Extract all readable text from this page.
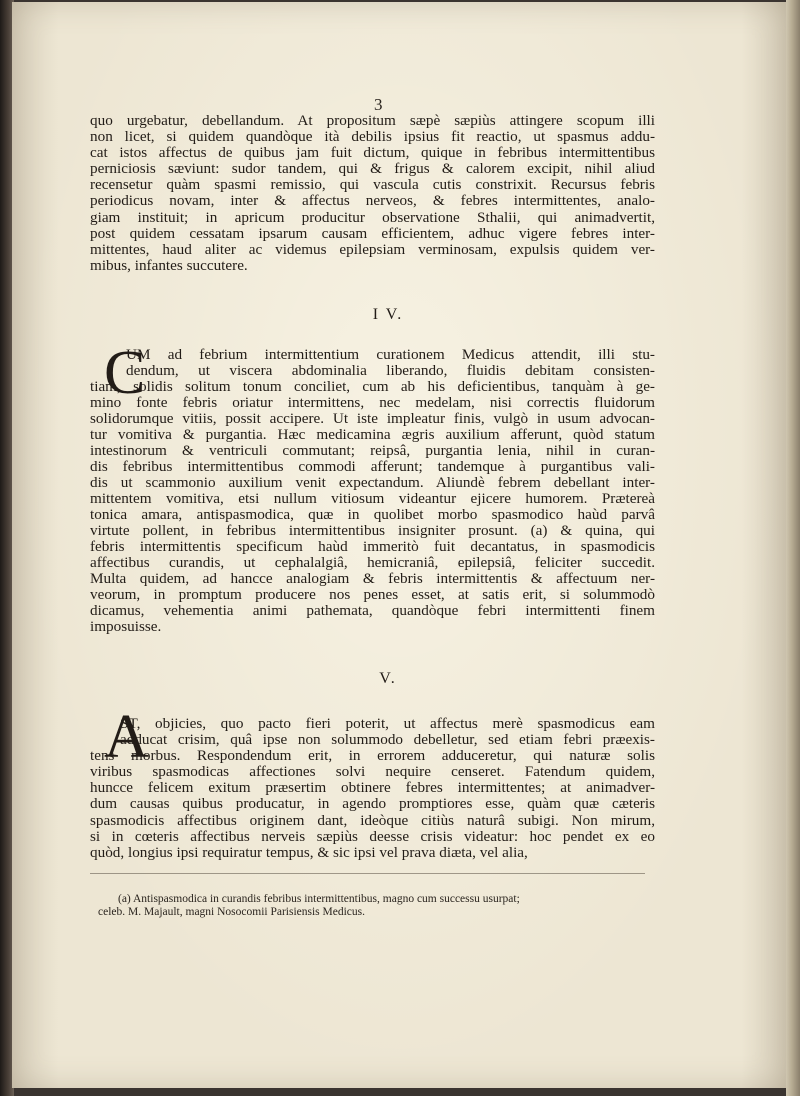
3
quo urgebatur, debellandum. At propositum sæpè sæpiùs attingere scopum illi
non licet, si quidem quandòque ità debilis ipsius fit reactio, ut spasmus addu-
cat istos affectus de quibus jam fuit dictum, quique in febribus intermittentibus
perniciosis sæviunt: sudor tandem, qui & frigus & calorem excipit, nihil aliud
recensetur quàm spasmi remissio, qui vascula cutis constrixit. Recursus febris
periodicus novam, inter & affectus nerveos, & febres intermittentes, analo-
giam instituit; in apricum producitur observatione Sthalii, qui animadvertit,
post quidem cessatam ipsarum causam efficientem, adhuc vigere febres inter-
mittentes, haud aliter ac videmus epilepsiam verminosam, expulsis quidem ver-
mibus, infantes succutere.
I V.
C
UM ad febrium intermittentium curationem Medicus attendit, illi stu-
dendum, ut viscera abdominalia liberando, fluidis debitam consisten-
tiam, solidis solitum tonum conciliet, cum ab his deficientibus, tanquàm à ge-
mino fonte febris oriatur intermittens, nec medelam, nisi correctis fluidorum
solidorumque vitiis, possit accipere. Ut iste impleatur finis, vulgò in usum advocan-
tur vomitiva & purgantia. Hæc medicamina ægris auxilium afferunt, quòd statum
intestinorum & ventriculi commutant; reipsâ, purgantia lenia, nihil in curan-
dis febribus intermittentibus commodi afferunt; tandemque à purgantibus vali-
dis ut scammonio auxilium venit expectandum. Aliundè febrem debellant inter-
mittentem vomitiva, etsi nullum vitiosum videantur ejicere humorem. Prætereà
tonica amara, antispasmodica, quæ in quolibet morbo spasmodico haùd parvâ
virtute pollent, in febribus intermittentibus insigniter prosunt. (a) & quina, qui
febris intermittentis specificum haùd immeritò fuit decantatus, in spasmodicis
affectibus curandis, ut cephalalgiâ, hemicraniâ, epilepsiâ, feliciter succedit.
Multa quidem, ad hancce analogiam & febris intermittentis & affectuum ner-
veorum, in promptum producere nos penes esset, at satis erit, si solummodò
dicamus, vehementia animi pathemata, quandòque febri intermittenti finem
imposuisse.
V.
A
ST, objicies, quo pacto fieri poterit, ut affectus merè spasmodicus eam
adducat crisim, quâ ipse non solummodo debelletur, sed etiam febri præexis-
tens morbus. Respondendum erit, in errorem adduceretur, qui naturæ solis
viribus spasmodicas affectiones solvi nequire censeret. Fatendum quidem,
huncce felicem exitum præsertim obtinere febres intermittentes; at animadver-
dum causas quibus producatur, in agendo promptiores esse, quàm quæ cæteris
spasmodicis affectibus originem dant, ideòque citiùs naturâ subigi. Non mirum,
si in cœteris affectibus nerveis sæpiùs deesse crisis videatur: hoc pendet ex eo
quòd, longius ipsi requiratur tempus, & sic ipsi vel prava diæta, vel alia,
(a) Antispasmodica in curandis febribus intermittentibus, magno cum successu usurpat;
celeb. M. Majault, magni Nosocomii Parisiensis Medicus.
